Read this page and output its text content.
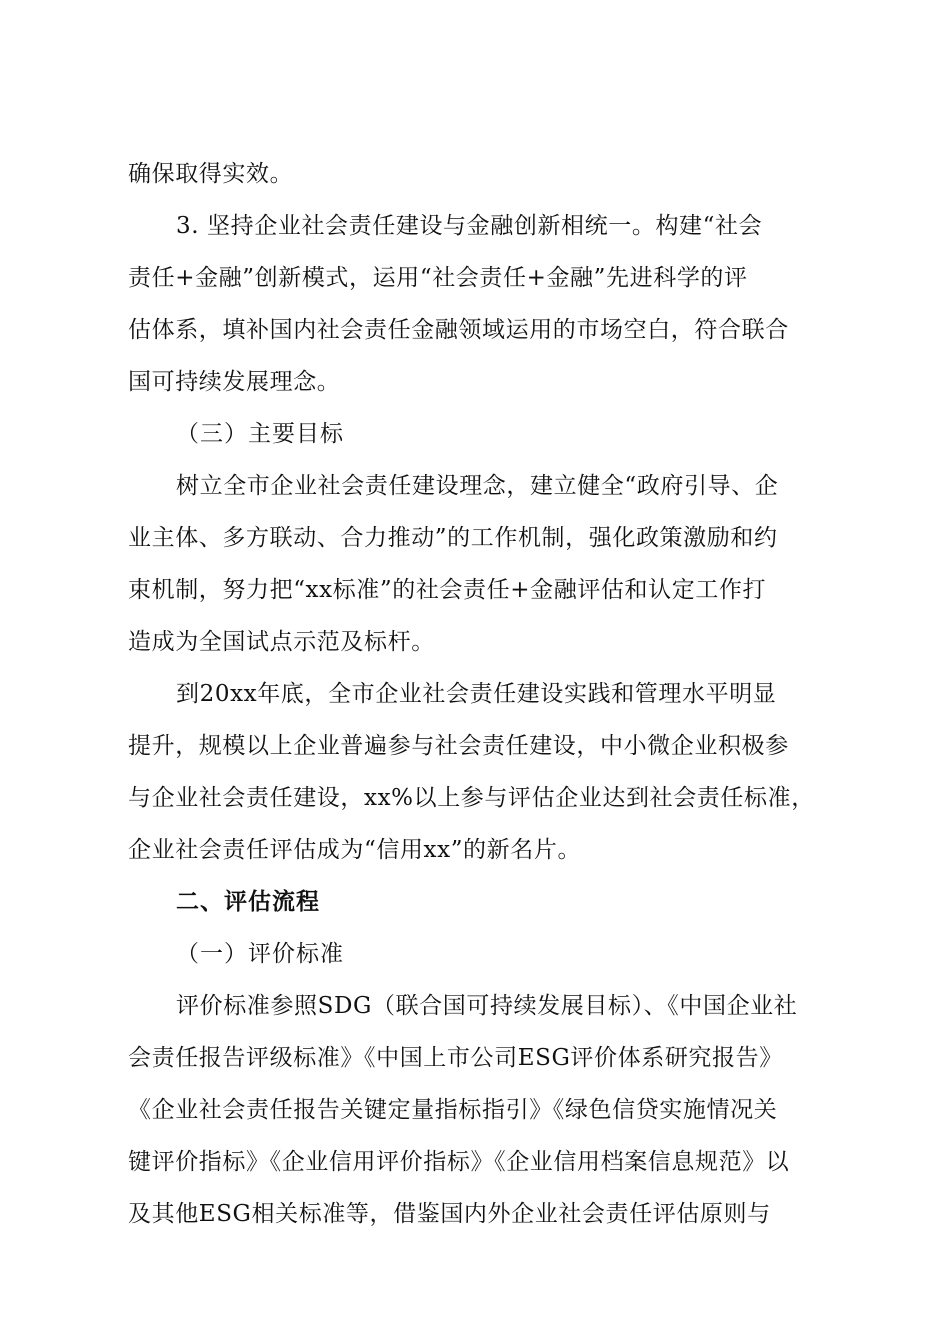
确保取得实效。
3. 坚持企业社会责任建设与金融创新相统一。构建“社会
责任+金融”创新模式，运用“社会责任+金融”先进科学的评
估体系，填补国内社会责任金融领域运用的市场空白，符合联合
国可持续发展理念。
（三）主要目标
树立全市企业社会责任建设理念，建立健全“政府引导、企
业主体、多方联动、合力推动”的工作机制，强化政策激励和约
束机制，努力把“xx标准”的社会责任+金融评估和认定工作打
造成为全国试点示范及标杆。
到20xx年底，全市企业社会责任建设实践和管理水平明显
提升，规模以上企业普遍参与社会责任建设，中小微企业积极参
与企业社会责任建设，xx%以上参与评估企业达到社会责任标准，
企业社会责任评估成为“信用xx”的新名片。
二、评估流程
（一）评价标准
评价标准参照SDG（联合国可持续发展目标）、《中国企业社
会责任报告评级标准》《中国上市公司ESG评价体系研究报告》
《企业社会责任报告关键定量指标指引》《绿色信贷实施情况关
键评价指标》《企业信用评价指标》《企业信用档案信息规范》以
及其他ESG相关标准等，借鉴国内外企业社会责任评估原则与
